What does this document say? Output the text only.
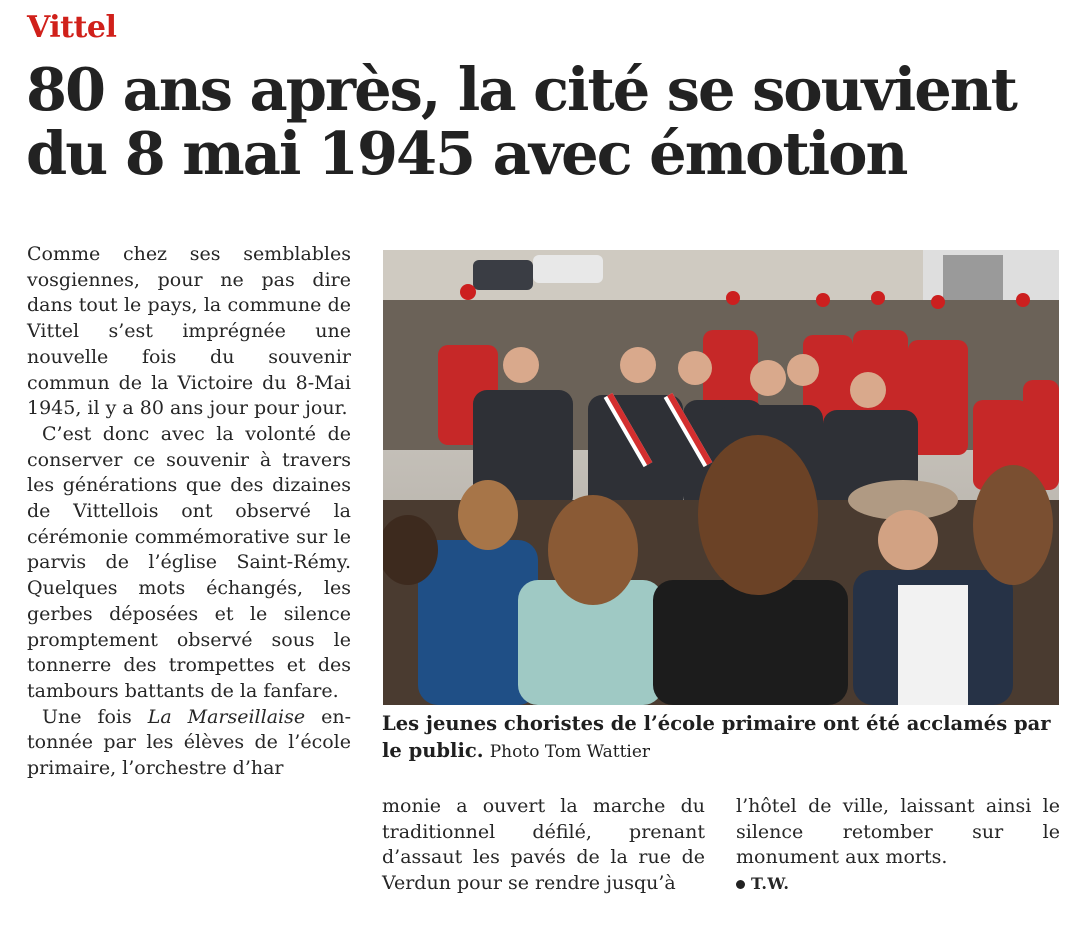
Vittel
80 ans après, la cité se souvient
du 8 mai 1945 avec émotion

Comme chez ses semblables vosgiennes, pour ne pas dire dans tout le pays, la commune de Vittel s’est imprégnée une nouvelle fois du souvenir commun de la Victoire du 8-Mai 1945, il y a 80 ans jour pour jour.

C’est donc avec la volonté de conserver ce souvenir à travers les générations que des dizaines de Vittellois ont observé la cérémonie commémorative sur le parvis de l’église Saint-Rémy. Quelques mots échangés, les gerbes déposées et le silence promptement observé sous le tonnerre des trompettes et des tambours battants de la fanfare.

Une fois La Marseillaise entonnée par les élèves de l’école primaire, l’orchestre d’har

Les jeunes choristes de l’école primaire ont été acclamés par le public. Photo Tom Wattier

monie a ouvert la marche du traditionnel défilé, prenant d’assaut les pavés de la rue de Verdun pour se rendre jusqu’à

l’hôtel de ville, laissant ainsi le silence retomber sur le monument aux morts.

T.W.
